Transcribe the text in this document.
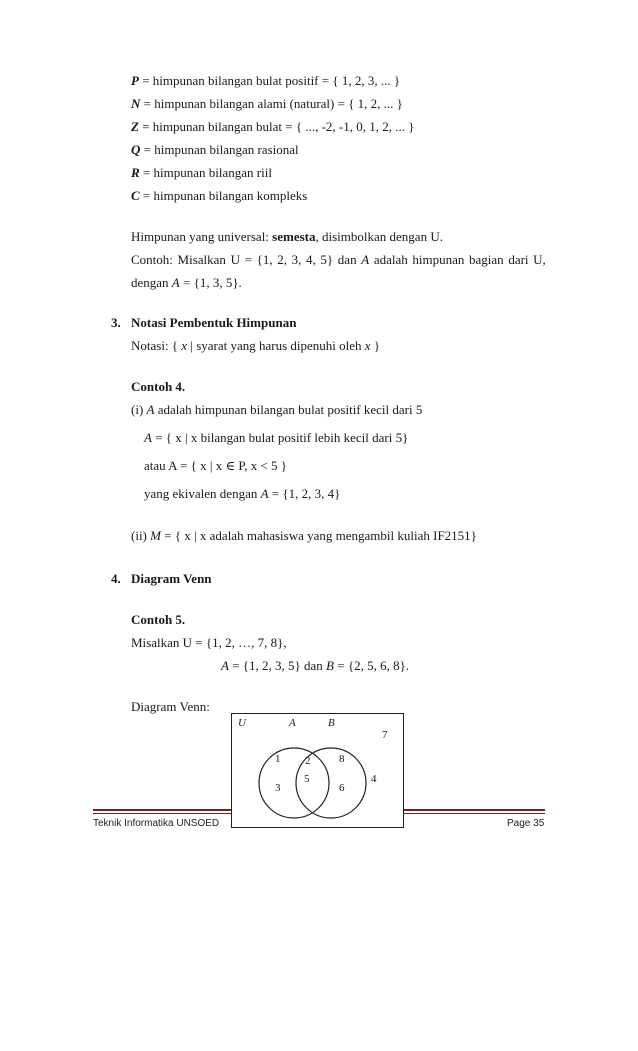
P = himpunan bilangan bulat positif = { 1, 2, 3, ... }
N = himpunan bilangan alami (natural) = { 1, 2, ... }
Z = himpunan bilangan bulat = { ..., -2, -1, 0, 1, 2, ... }
Q = himpunan bilangan rasional
R = himpunan bilangan riil
C = himpunan bilangan kompleks
Himpunan yang universal: semesta, disimbolkan dengan U.
Contoh: Misalkan U = {1, 2, 3, 4, 5} dan A adalah himpunan bagian dari U,
dengan A = {1, 3, 5}.
3. Notasi Pembentuk Himpunan
Notasi: { x | syarat yang harus dipenuhi oleh x }
Contoh 4.
(i) A adalah himpunan bilangan bulat positif kecil dari 5
A = { x | x bilangan bulat positif lebih kecil dari 5}
atau A = { x | x ∈ P, x < 5 }
yang ekivalen dengan A = {1, 2, 3, 4}
(ii) M = { x | x adalah mahasiswa yang mengambil kuliah IF2151}
4. Diagram Venn
Contoh 5.
Misalkan U = {1, 2, …, 7, 8},
A = {1, 2, 3, 5} dan B = {2, 5, 6, 8}.
Diagram Venn:
Teknik Informatika UNSOED	Page 35
U	A	B
7
1 2	8
5	4
3	6
